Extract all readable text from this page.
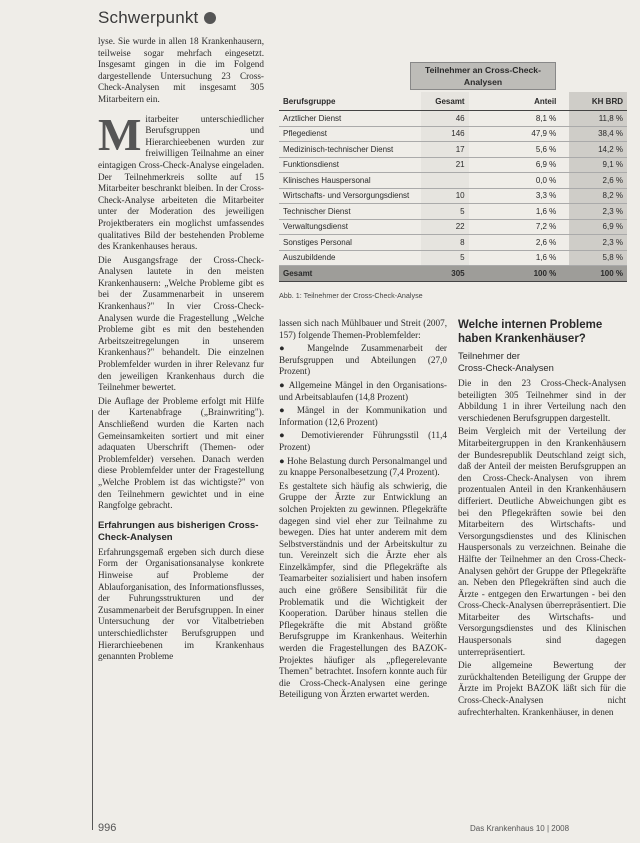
Schwerpunkt

lyse. Sie wurde in allen 18 Krankenhausern, teilweise sogar mehrfach eingesetzt. Insgesamt gingen in die im Folgend dargestellende Untersuchung 23 Cross-Check-Analysen mit insgesamt 305 Mitarbeitern ein.

Mitarbeiter unterschiedlicher Berufsgruppen und Hierarchieebenen wurden zur freiwilligen Teilnahme an einer eintagigen Cross-Check-Analyse eingeladen. Der Teilnehmerkreis sollte auf 15 Mitarbeiter beschrankt bleiben. In der Cross-Check-Analyse arbeiteten die Mitarbeiter unter der Moderation des jeweiligen Projektberaters ein moglichst umfassendes qualitatives Bild der bestehenden Probleme des Krankenhauses heraus.

Die Ausgangsfrage der Cross-Check-Analysen lautete in den meisten Krankenhausern: „Welche Probleme gibt es bei der Zusammenarbeit in unserem Krankenhaus?" In vier Cross-Check-Analysen wurde die Fragestellung „Welche Probleme gibt es mit den bestehenden Arbeitszeitregelungen in unserem Krankenhaus?" behandelt. Die einzelnen Problemfelder wurden in ihrer Relevanz fur den jeweiligen Krankenhaus durch die Teilnehmer bewertet.

Die Auflage der Probleme erfolgt mit Hilfe der Kartenabfrage („Brainwriting"). Anschließend wurden die Karten nach Gemeinsamkeiten sortiert und mit einer adaquaten Uberschrift (Themen- oder Problemfelder) versehen. Danach werden diese Problemfelder unter der Fragestellung „Welche Problem ist das wichtigste?" von den Teilnehmern gewichtet und in eine Rangfolge gebracht.

Erfahrungen aus bisherigen Cross-Check-Analysen

Erfahrungsgemaß ergeben sich durch diese Form der Organisationsanalyse konkrete Hinweise auf Probleme der Ablauforganisation, des Informationsflusses, der Fuhrungsstrukturen und der Zusammenarbeit der Berufsgruppen. In einer Untersuchung der vor Vitalbetrieben unterschiedlichster Berufsgruppen und Hierarchieebenen im Krankenhaus genannten Probleme

Teilnehmer an Cross-Check-
Analysen
Berufsgruppe	Gesamt	Anteil		KH BRD
Arztlicher Dienst	46	8,1 %		11,8 %
Pflegedienst	146	47,9 %		38,4 %
Medizinisch-technischer Dienst	17	5,6 %		14,2 %
Funktionsdienst	21	6,9 %		9,1 %
Klinisches Hauspersonal		0,0 %		2,6 %
Wirtschafts- und Versorgungsdienst	10	3,3 %		8,2 %
Technischer Dienst	5	1,6 %		2,3 %
Verwaltungsdienst	22	7,2 %		6,9 %
Sonstiges Personal	8	2,6 %		2,3 %
Auszubildende	5	1,6 %		5,8 %
Gesamt	305	100 %		100 %
Abb. 1: Teilnehmer der Cross-Check-Analyse

lassen sich nach Mühlbauer und Streit (2007, 157) folgende Themen-Problemfelder:

● Mangelnde Zusammenarbeit der Berufsgruppen und Abteilungen (27,0 Prozent)

● Allgemeine Mängel in den Organisations- und Arbeitsablaufen (14,8 Prozent)

● Mängel in der Kommunikation und Information (12,6 Prozent)

● Demotivierender Führungsstil (11,4 Prozent)

● Hohe Belastung durch Personalmangel und zu knappe Personalbesetzung (7,4 Prozent).

Es gestaltete sich häufig als schwierig, die Gruppe der Ärzte zur Entwicklung an solchen Projekten zu gewinnen. Pflegekräfte dagegen sind viel eher zur Teilnahme zu bewegen. Dies hat unter anderem mit dem Selbstverständnis und der Arbeitskultur zu tun. Vereinzelt sich die Ärzte eher als Einzelkämpfer, sind die Pflegekräfte als Teamarbeiter sozialisiert und haben insofern auch eine größere Sensibilität für die Problematik und die Wichtigkeit der Kooperation. Darüber hinaus stellen die Pflegekräfte die mit Abstand größte Berufsgruppe im Krankenhaus. Weiterhin werden die Fragestellungen des BAZOK-Projektes häufiger als „pflegerelevante Themen" betrachtet. Insofern konnte auch für die Cross-Check-Analysen eine geringe Beteiligung von Ärzten erwartet werden.

Welche internen Probleme haben Krankenhäuser?
Teilnehmer der
Cross-Check-Analysen

Die in den 23 Cross-Check-Analysen beteiligten 305 Teilnehmer sind in der Abbildung 1 in ihrer Verteilung nach den verschiedenen Berufsgruppen dargestellt.

Beim Vergleich mit der Verteilung der Mitarbeitergruppen in den Krankenhäusern der Bundesrepublik Deutschland zeigt sich, daß der Anteil der meisten Berufsgruppen an den Cross-Check-Analysen von ihrem prozentualen Anteil in den Krankenhäusern differiert. Deutliche Abweichungen gibt es bei den Pflegekräften sowie bei den Mitarbeitern des Wirtschafts- und Versorgungsdienstes und des Klinischen Hauspersonals zu verzeichnen. Beinahe die Hälfte der Teilnehmer an den Cross-Check-Analysen gehört der Gruppe der Pflegekräfte an. Neben den Pflegekräften sind auch die Ärzte - entgegen den Erwartungen - bei den Cross-Check-Analysen überrepräsentiert. Die Mitarbeiter des Wirtschafts- und Versorgungsdienstes und des Klinischen Hauspersonals sind dagegen unterrepräsentiert.

Die allgemeine Bewertung der zurückhaltenden Beteiligung der Gruppe der Ärzte im Projekt BAZOK läßt sich für die Cross-Check-Analysen nicht aufrechterhalten. Krankenhäuser, in denen

996	Das Krankenhaus 10 | 2008
